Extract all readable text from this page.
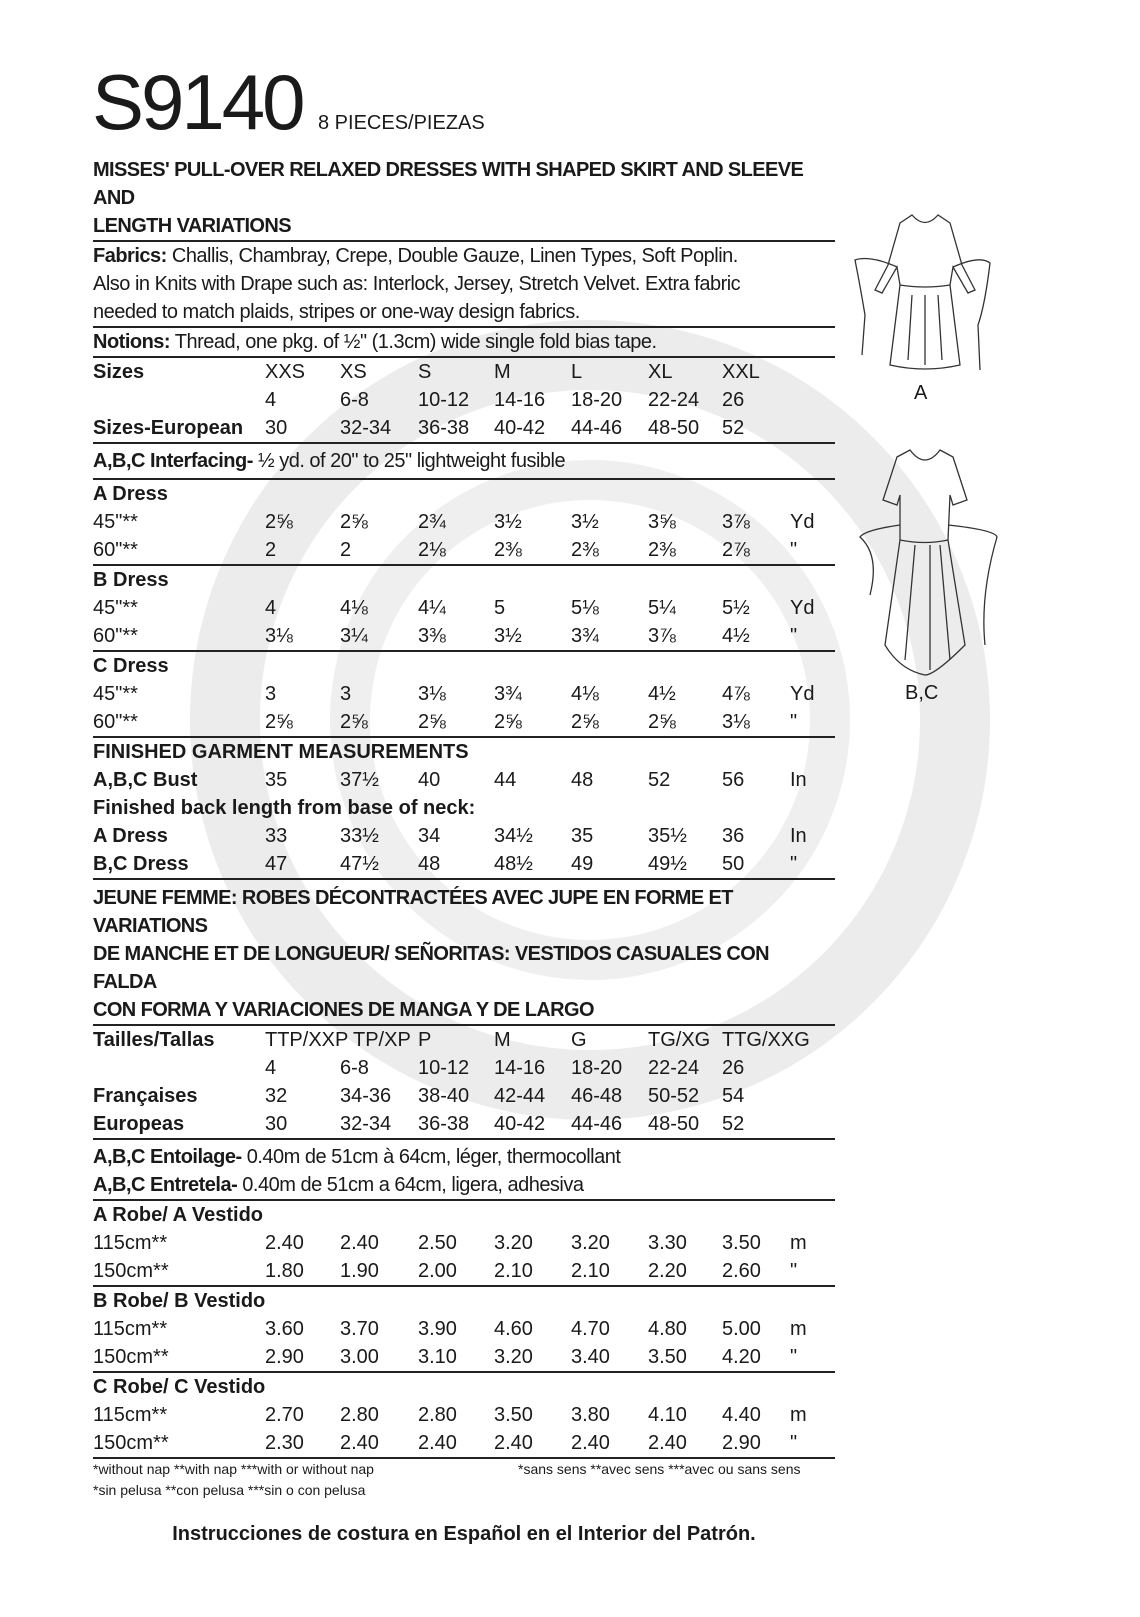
S9140 8 PIECES/PIEZAS
MISSES' PULL-OVER RELAXED DRESSES WITH SHAPED SKIRT AND SLEEVE AND
LENGTH VARIATIONS
Fabrics: Challis, Chambray, Crepe, Double Gauze, Linen Types, Soft Poplin.
Also in Knits with Drape such as: Interlock, Jersey, Stretch Velvet. Extra fabric
needed to match plaids, stripes or one-way design fabrics.
Notions: Thread, one pkg. of ½" (1.3cm) wide single fold bias tape.
Sizes	XXS XS	S	M	L	XL XXL
4	6-8 10-12 14-16 18-20 22-24 26
Sizes-European 30	32-34 36-38 40-42 44-46 48-50 52
A,B,C Interfacing- ½ yd. of 20" to 25" lightweight fusible
A Dress
45"**	2⅝ 2⅝	2¾ 3½ 3½ 3⅝ 3⅞ Yd
60"**	2	2	2⅛ 2⅜ 2⅜ 2⅜ 2⅞ "
B Dress
45"**	4	4⅛	4¼ 5	5⅛ 5¼ 5½ Yd
60"**	3⅛ 3¼	3⅜ 3½ 3¾ 3⅞ 4½ "
C Dress
45"**	3	3	3⅛ 3¾ 4⅛ 4½ 4⅞ Yd
60"**	2⅝ 2⅝	2⅝ 2⅝ 2⅝ 2⅝ 3⅛ "
FINISHED GARMENT MEASUREMENTS
A,B,C Bust	35	37½ 40	44	48	52	56 In
Finished back length from base of neck:
A Dress	33	33½ 34	34½ 35	35½ 36 In
B,C Dress	47	47½ 48	48½ 49	49½ 50 "
JEUNE FEMME: ROBES DÉCONTRACTÉES AVEC JUPE EN FORME ET VARIATIONS
DE MANCHE ET DE LONGUEUR/ SEÑORITAS: VESTIDOS CASUALES CON FALDA
CON FORMA Y VARIACIONES DE MANGA Y DE LARGO
Tailles/Tallas	TTP/XXP TP/XP P	M	G	TG/XG TTG/XXG
4	6-8 10-12 14-16 18-20 22-24 26
Françaises	32	34-36 38-40 42-44 46-48 50-52 54
Europeas	30	32-34 36-38 40-42 44-46 48-50 52
A,B,C Entoilage- 0.40m de 51cm à 64cm, léger, thermocollant
A,B,C Entretela- 0.40m de 51cm a 64cm, ligera, adhesiva
A Robe/ A Vestido
115cm**	2.40 2.40 2.50 3.20 3.20 3.30 3.50 m
150cm**	1.80 1.90 2.00 2.10 2.10 2.20 2.60 "
B Robe/ B Vestido
115cm**	3.60 3.70 3.90 4.60 4.70 4.80 5.00 m
150cm**	2.90 3.00 3.10 3.20 3.40 3.50 4.20 "
C Robe/ C Vestido
115cm**	2.70 2.80 2.80 3.50 3.80 4.10 4.40 m
150cm**	2.30 2.40 2.40 2.40 2.40 2.40 2.90 "
*without nap **with nap ***with or without nap
*sin pelusa **con pelusa ***sin o con pelusa
*sans sens **avec sens ***avec ou sans sens
Instrucciones de costura en Español en el Interior del Patrón.
A
B,C
